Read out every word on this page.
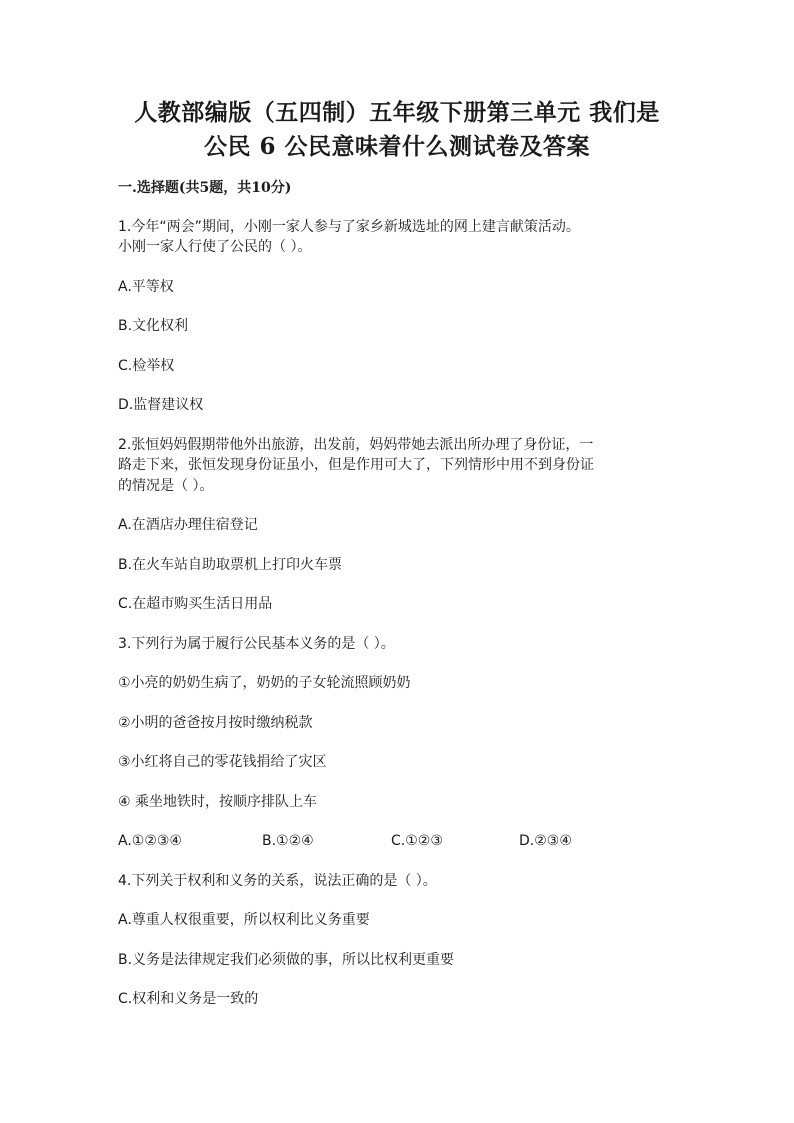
人教部编版（五四制）五年级下册第三单元 我们是
公民 6 公民意味着什么测试卷及答案
一.选择题(共5题，共10分)
1.今年“两会”期间，小刚一家人参与了家乡新城选址的网上建言献策活动。
小刚一家人行使了公民的（ ）。
A.平等权
B.文化权利
C.检举权
D.监督建议权
2.张恒妈妈假期带他外出旅游，出发前，妈妈带她去派出所办理了身份证，一
路走下来，张恒发现身份证虽小，但是作用可大了，下列情形中用不到身份证
的情况是（ ）。
A.在酒店办理住宿登记
B.在火车站自助取票机上打印火车票
C.在超市购买生活日用品
3.下列行为属于履行公民基本义务的是（ ）。
①小亮的奶奶生病了，奶奶的子女轮流照顾奶奶
②小明的爸爸按月按时缴纳税款
③小红将自己的零花钱捐给了灾区
④ 乘坐地铁时，按顺序排队上车
A.①②③④	B.①②④	C.①②③	D.②③④
4.下列关于权利和义务的关系，说法正确的是（ ）。
A.尊重人权很重要，所以权利比义务重要
B.义务是法律规定我们必须做的事，所以比权利更重要
C.权利和义务是一致的
